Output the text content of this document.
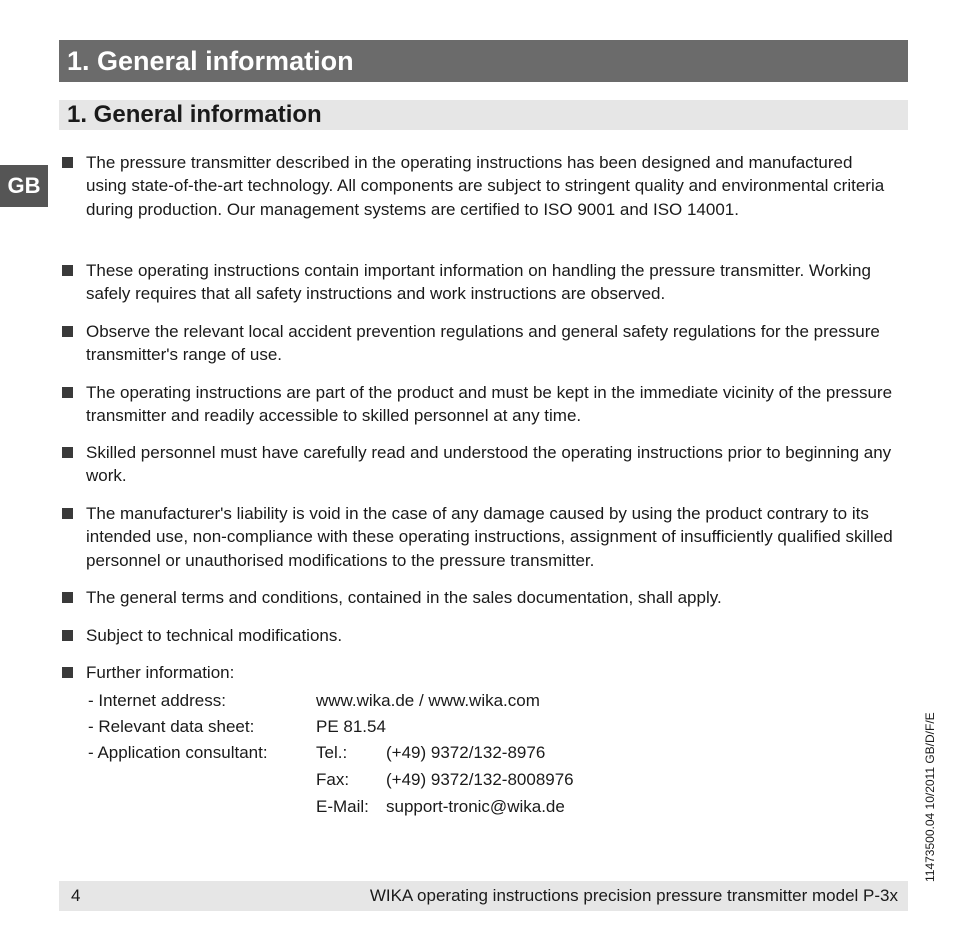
1. General information
1. General information
GB
The pressure transmitter described in the operating instructions has been designed and manufactured using state-of-the-art technology. All components are subject to stringent quality and environmental criteria during production. Our management systems are certified to ISO 9001 and ISO 14001.
These operating instructions contain important information on handling the pressure transmitter. Working safely requires that all safety instructions and work instructions are observed.
Observe the relevant local accident prevention regulations and general safety regulations for the pressure transmitter's range of use.
The operating instructions are part of the product and must be kept in the immediate vicinity of the pressure transmitter and readily accessible to skilled personnel at any time.
Skilled personnel must have carefully read and understood the operating instructions prior to beginning any work.
The manufacturer's liability is void in the case of any damage caused by using the product contrary to its intended use, non-compliance with these operating instructions, assignment of insufficiently qualified skilled personnel or unauthorised modifications to the pressure transmitter.
The general terms and conditions, contained in the sales documentation, shall apply.
Subject to technical modifications.
Further information:
- Internet address:	www.wika.de / www.wika.com
- Relevant data sheet:	PE 81.54
- Application consultant:	Tel.: (+49) 9372/132-8976
Fax: (+49) 9372/132-8008976
E-Mail: support-tronic@wika.de
4	WIKA operating instructions precision pressure transmitter model P-3x
11473500.04 10/2011 GB/D/F/E
